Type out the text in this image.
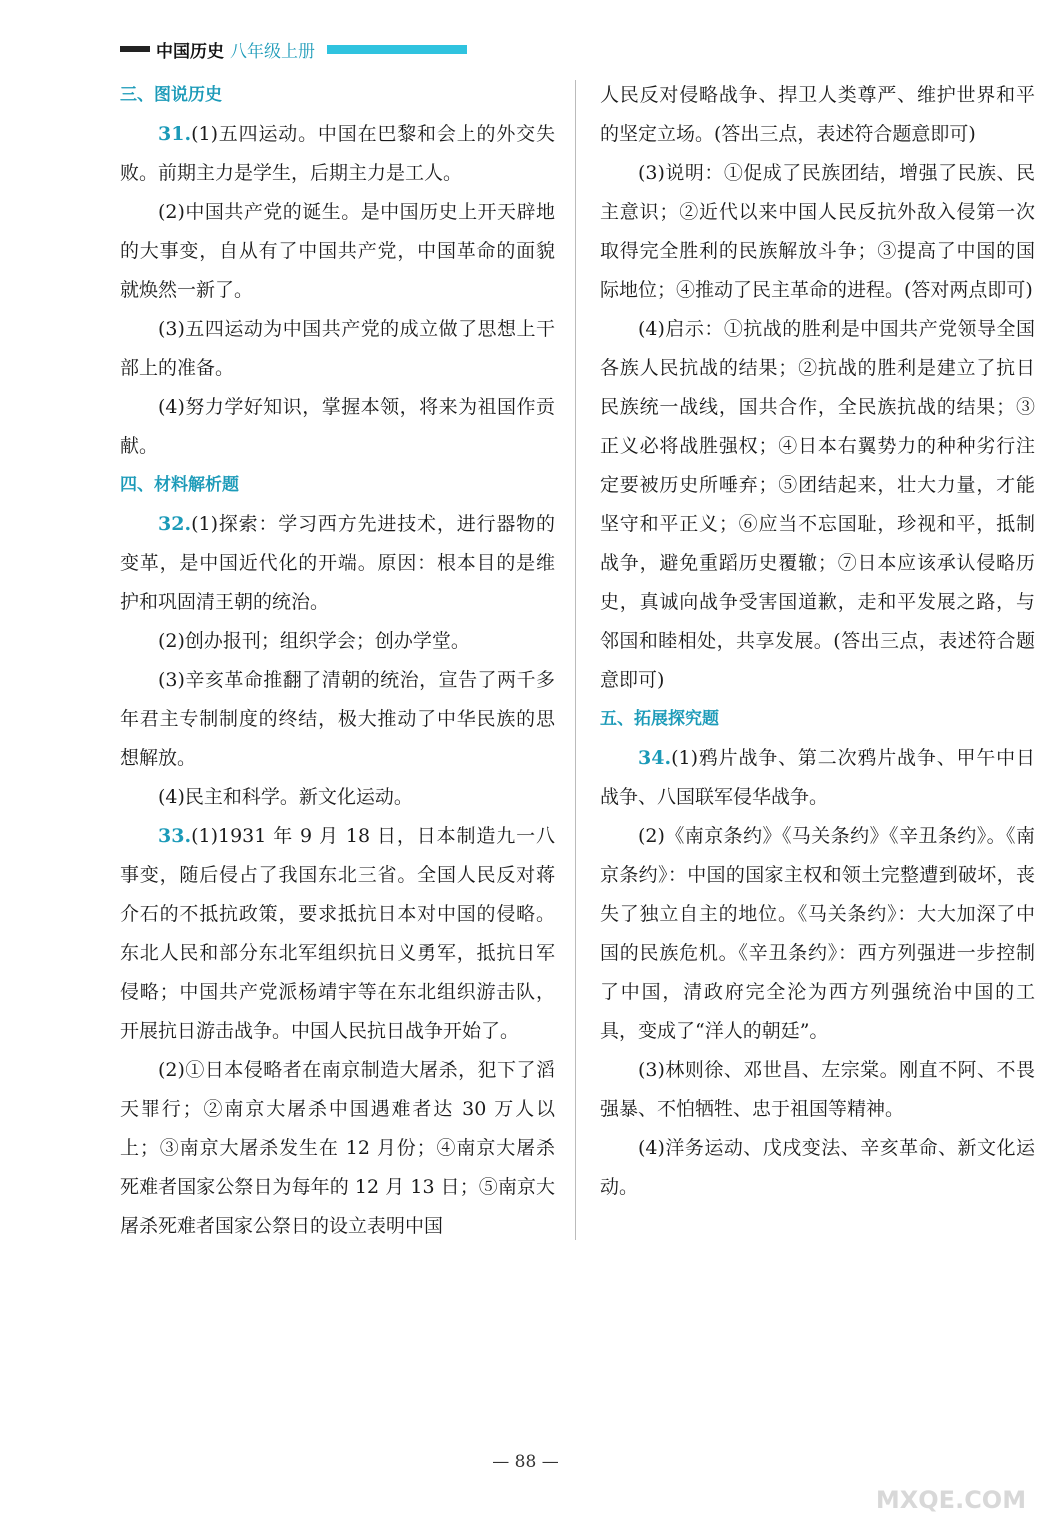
中国历史 八年级上册
三、图说历史

31.(1)五四运动。中国在巴黎和会上的外交失败。前期主力是学生，后期主力是工人。

(2)中国共产党的诞生。是中国历史上开天辟地的大事变，自从有了中国共产党，中国革命的面貌就焕然一新了。

(3)五四运动为中国共产党的成立做了思想上干部上的准备。

(4)努力学好知识，掌握本领，将来为祖国作贡献。

四、材料解析题

32.(1)探索：学习西方先进技术，进行器物的变革，是中国近代化的开端。原因：根本目的是维护和巩固清王朝的统治。

(2)创办报刊；组织学会；创办学堂。

(3)辛亥革命推翻了清朝的统治，宣告了两千多年君主专制制度的终结，极大推动了中华民族的思想解放。

(4)民主和科学。新文化运动。

33.(1)1931 年 9 月 18 日，日本制造九一八事变，随后侵占了我国东北三省。全国人民反对蒋介石的不抵抗政策，要求抵抗日本对中国的侵略。东北人民和部分东北军组织抗日义勇军，抵抗日军侵略；中国共产党派杨靖宇等在东北组织游击队，开展抗日游击战争。中国人民抗日战争开始了。

(2)①日本侵略者在南京制造大屠杀，犯下了滔天罪行；②南京大屠杀中国遇难者达 30 万人以上；③南京大屠杀发生在 12 月份；④南京大屠杀死难者国家公祭日为每年的 12 月 13 日；⑤南京大屠杀死难者国家公祭日的设立表明中国

人民反对侵略战争、捍卫人类尊严、维护世界和平的坚定立场。(答出三点，表述符合题意即可)

(3)说明：①促成了民族团结，增强了民族、民主意识；②近代以来中国人民反抗外敌入侵第一次取得完全胜利的民族解放斗争；③提高了中国的国际地位；④推动了民主革命的进程。(答对两点即可)

(4)启示：①抗战的胜利是中国共产党领导全国各族人民抗战的结果；②抗战的胜利是建立了抗日民族统一战线，国共合作，全民族抗战的结果；③正义必将战胜强权；④日本右翼势力的种种劣行注定要被历史所唾弃；⑤团结起来，壮大力量，才能坚守和平正义；⑥应当不忘国耻，珍视和平，抵制战争，避免重蹈历史覆辙；⑦日本应该承认侵略历史，真诚向战争受害国道歉，走和平发展之路，与邻国和睦相处，共享发展。(答出三点，表述符合题意即可)

五、拓展探究题

34.(1)鸦片战争、第二次鸦片战争、甲午中日战争、八国联军侵华战争。

(2)《南京条约》《马关条约》《辛丑条约》。《南京条约》：中国的国家主权和领土完整遭到破坏，丧失了独立自主的地位。《马关条约》：大大加深了中国的民族危机。《辛丑条约》：西方列强进一步控制了中国，清政府完全沦为西方列强统治中国的工具，变成了“洋人的朝廷”。

(3)林则徐、邓世昌、左宗棠。刚直不阿、不畏强暴、不怕牺牲、忠于祖国等精神。

(4)洋务运动、戊戌变法、辛亥革命、新文化运动。

— 88 —
MXQE.COM
